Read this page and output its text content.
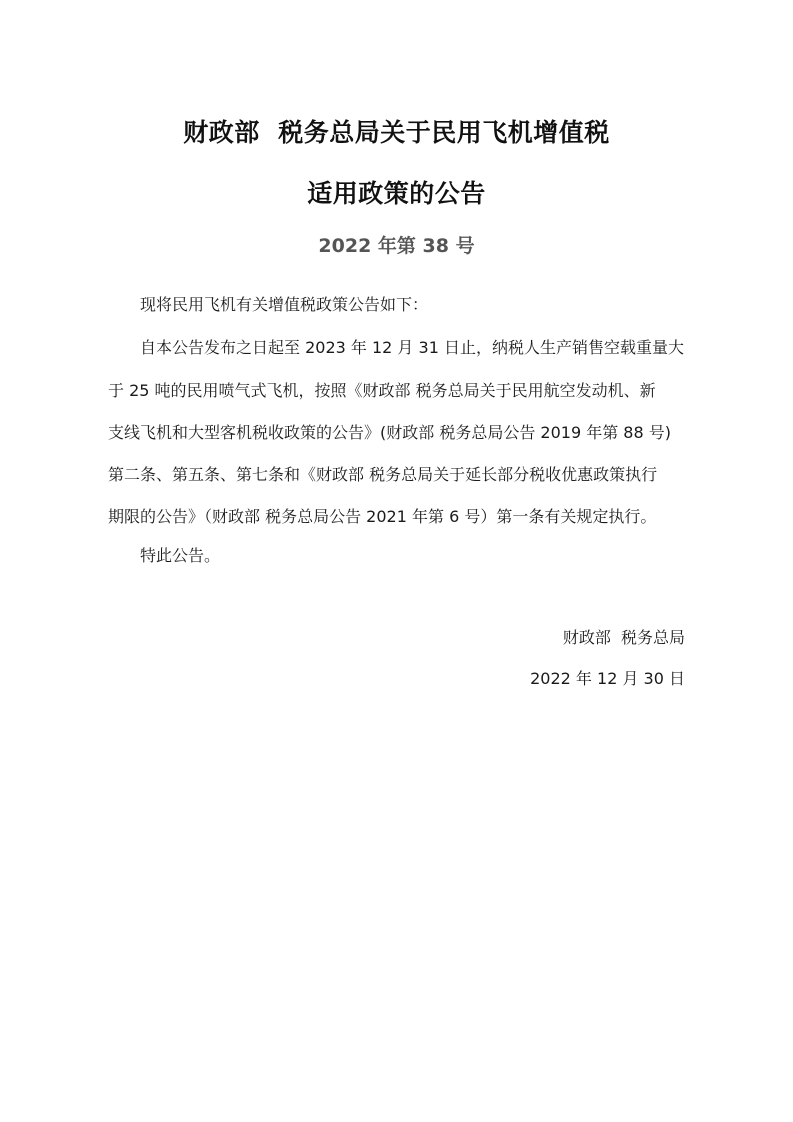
财政部  税务总局关于民用飞机增值税
适用政策的公告
2022 年第 38 号
现将民用飞机有关增值税政策公告如下：
自本公告发布之日起至 2023 年 12 月 31 日止，纳税人生产销售空载重量大
于 25 吨的民用喷气式飞机，按照《财政部 税务总局关于民用航空发动机、新
支线飞机和大型客机税收政策的公告》(财政部 税务总局公告 2019 年第 88 号)
第二条、第五条、第七条和《财政部 税务总局关于延长部分税收优惠政策执行
期限的公告》（财政部 税务总局公告 2021 年第 6 号）第一条有关规定执行。
特此公告。
财政部  税务总局
2022 年 12 月 30 日
